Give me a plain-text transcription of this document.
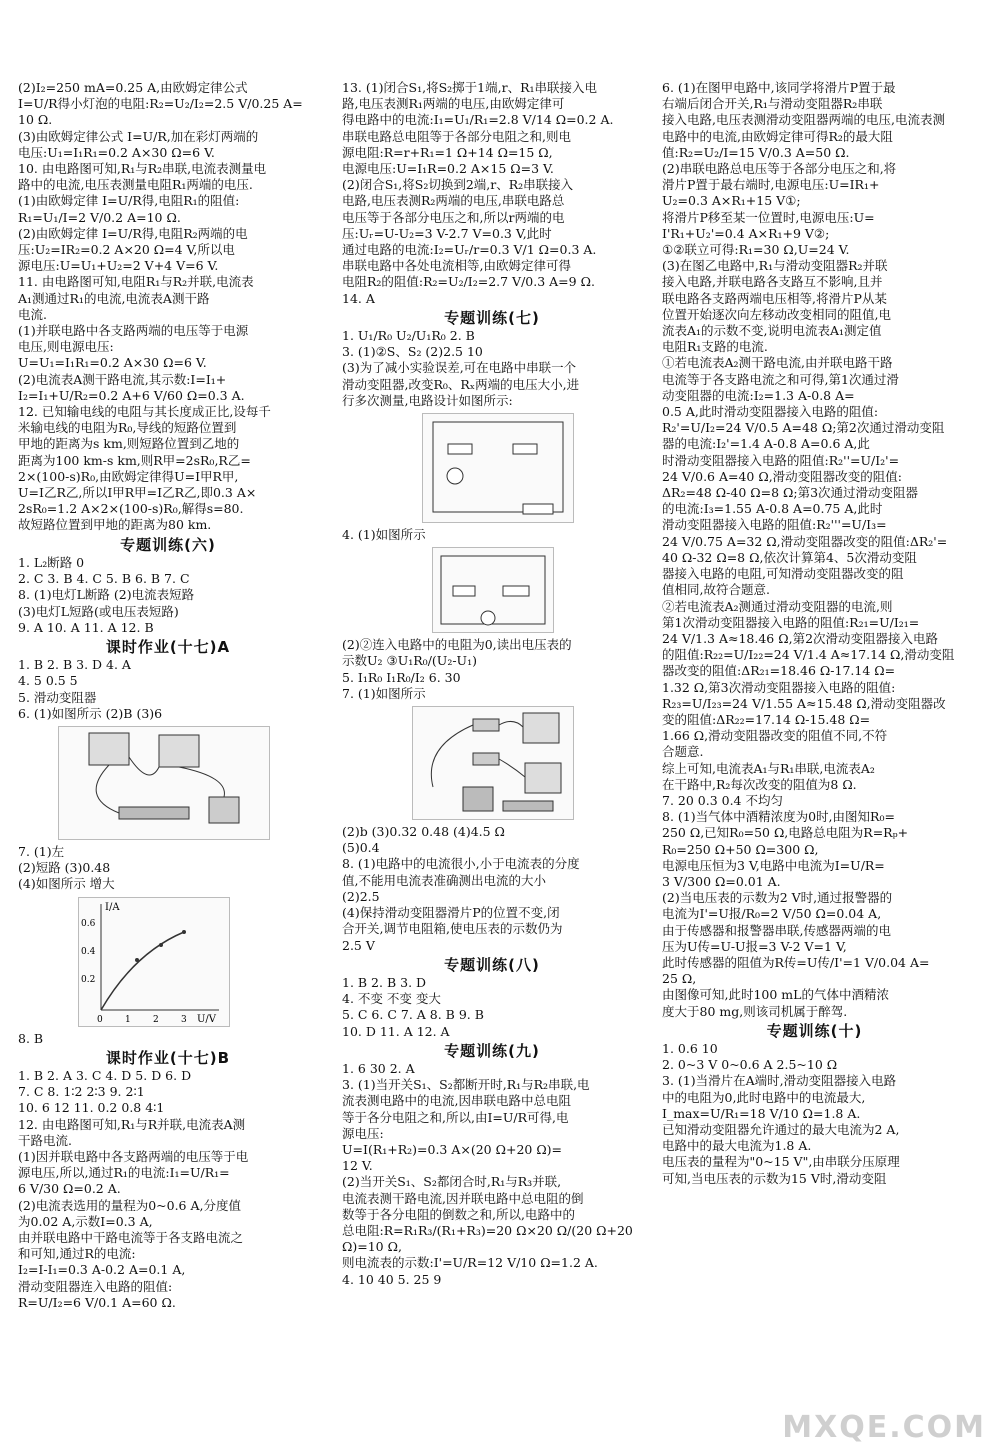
(2)I₂=250 mA=0.25 A,由欧姆定律公式
I=U/R得小灯泡的电阻:R₂=U₂/I₂=2.5 V/0.25 A=
10 Ω.

(3)由欧姆定律公式 I=U/R,加在彩灯两端的
电压:U₁=I₁R₁=0.2 A×30 Ω=6 V.

10. 由电路图可知,R₁与R₂串联,电流表测量电
路中的电流,电压表测量电阻R₁两端的电压.
(1)由欧姆定律 I=U/R得,电阻R₁的阻值:
R₁=U₁/I=2 V/0.2 A=10 Ω.
(2)由欧姆定律 I=U/R得,电阻R₂两端的电
压:U₂=IR₂=0.2 A×20 Ω=4 V,所以电
源电压:U=U₁+U₂=2 V+4 V=6 V.

11. 由电路图可知,电阻R₁与R₂并联,电流表
A₁测通过R₁的电流,电流表A测干路
电流.
(1)并联电路中各支路两端的电压等于电源
电压,则电源电压:
U=U₁=I₁R₁=0.2 A×30 Ω=6 V.
(2)电流表A测干路电流,其示数:I=I₁+
I₂=I₁+U/R₂=0.2 A+6 V/60 Ω=0.3 A.

12. 已知输电线的电阻与其长度成正比,设每千
米输电线的电阻为R₀,导线的短路位置到
甲地的距离为s km,则短路位置到乙地的
距离为100 km-s km,则R甲=2sR₀,R乙=
2×(100-s)R₀,由欧姆定律得U=I甲R甲,
U=I乙R乙,所以I甲R甲=I乙R乙,即0.3 A×
2sR₀=1.2 A×2×(100-s)R₀,解得s=80.
故短路位置到甲地的距离为80 km.

专题训练(六)

1. L₂断路 0
2. C 3. B 4. C 5. B 6. B 7. C
8. (1)电灯L断路 (2)电流表短路
(3)电灯L短路(或电压表短路)
9. A 10. A 11. A 12. B

课时作业(十七)A

1. B 2. B 3. D 4. A
4. 5 0.5 5
5. 滑动变阻器
6. (1)如图所示 (2)B (3)6

7. (1)左
(2)短路 (3)0.48
(4)如图所示 增大

I/A
U/V
0.2
0.4
0.6
0 1 2 3

8. B

课时作业(十七)B

1. B 2. A 3. C 4. D 5. D 6. D
7. C 8. 1∶2 2∶3 9. 2∶1
10. 6 12 11. 0.2 0.8 4∶1
12. 由电路图可知,R₁与R并联,电流表A测
干路电流.
(1)因并联电路中各支路两端的电压等于电
源电压,所以,通过R₁的电流:I₁=U/R₁=
6 V/30 Ω=0.2 A.
(2)电流表选用的量程为0~0.6 A,分度值
为0.02 A,示数I=0.3 A,
由并联电路中干路电流等于各支路电流之
和可知,通过R的电流:
I₂=I-I₁=0.3 A-0.2 A=0.1 A,
滑动变阻器连入电路的阻值:
R=U/I₂=6 V/0.1 A=60 Ω.

13. (1)闭合S₁,将S₂掷于1端,r、R₁串联接入电
路,电压表测R₁两端的电压,由欧姆定律可
得电路中的电流:I₁=U₁/R₁=2.8 V/14 Ω=0.2 A.
串联电路总电阻等于各部分电阻之和,则电
源电阻:R=r+R₁=1 Ω+14 Ω=15 Ω,
电源电压:U=I₁R=0.2 A×15 Ω=3 V.
(2)闭合S₁,将S₂切换到2端,r、R₂串联接入
电路,电压表测R₂两端的电压,串联电路总
电压等于各部分电压之和,所以r两端的电
压:Uᵣ=U-U₂=3 V-2.7 V=0.3 V,此时
通过电路的电流:I₂=Uᵣ/r=0.3 V/1 Ω=0.3 A.
串联电路中各处电流相等,由欧姆定律可得
电阻R₂的阻值:R₂=U₂/I₂=2.7 V/0.3 A=9 Ω.

14. A

专题训练(七)

1. U₁/R₀ U₂/U₁R₀ 2. B
3. (1)②S、S₂ (2)2.5 10
(3)为了减小实验误差,可在电路中串联一个
滑动变阻器,改变R₀、Rₓ两端的电压大小,进
行多次测量,电路设计如图所示:

4. (1)如图所示

(2)②连入电路中的电阻为0,读出电压表的
示数U₂ ③U₁R₀/(U₂-U₁)
5. I₁R₀ I₁R₀/I₂ 6. 30
7. (1)如图所示

(2)b (3)0.32 0.48 (4)4.5 Ω
(5)0.4
8. (1)电路中的电流很小,小于电流表的分度
值,不能用电流表准确测出电流的大小
(2)2.5
(4)保持滑动变阻器滑片P的位置不变,闭
合开关,调节电阻箱,使电压表的示数仍为
2.5 V

专题训练(八)

1. B 2. B 3. D
4. 不变 不变 变大
5. C 6. C 7. A 8. B 9. B
10. D 11. A 12. A

专题训练(九)

1. 6 30 2. A
3. (1)当开关S₁、S₂都断开时,R₁与R₂串联,电
流表测电路中的电流,因串联电路中总电阻
等于各分电阻之和,所以,由I=U/R可得,电
源电压:
U=I(R₁+R₂)=0.3 A×(20 Ω+20 Ω)=
12 V.
(2)当开关S₁、S₂都闭合时,R₁与R₃并联,
电流表测干路电流,因并联电路中总电阻的倒
数等于各分电阻的倒数之和,所以,电路中的
总电阻:R=R₁R₃/(R₁+R₃)=20 Ω×20 Ω/(20 Ω+20 Ω)=10 Ω,
则电流表的示数:I'=U/R=12 V/10 Ω=1.2 A.
4. 10 40 5. 25 9

6. (1)在图甲电路中,该同学将滑片P置于最
右端后闭合开关,R₁与滑动变阻器R₂串联
接入电路,电压表测滑动变阻器两端的电压,电流表测
电路中的电流,由欧姆定律可得R₂的最大阻
值:R₂=U₂/I=15 V/0.3 A=50 Ω.
(2)串联电路总电压等于各部分电压之和,将
滑片P置于最右端时,电源电压:U=IR₁+
U₂=0.3 A×R₁+15 V①;
将滑片P移至某一位置时,电源电压:U=
I'R₁+U₂'=0.4 A×R₁+9 V②;
①②联立可得:R₁=30 Ω,U=24 V.
(3)在图乙电路中,R₁与滑动变阻器R₂并联
接入电路,并联电路各支路互不影响,且并
联电路各支路两端电压相等,将滑片P从某
位置开始逐次向左移动改变相同的阻值,电
流表A₁的示数不变,说明电流表A₁测定值
电阻R₁支路的电流.
①若电流表A₂测干路电流,由并联电路干路
电流等于各支路电流之和可得,第1次通过滑
动变阻器的电流:I₂=1.3 A-0.8 A=
0.5 A,此时滑动变阻器接入电路的阻值:
R₂'=U/I₂=24 V/0.5 A=48 Ω;第2次通过滑动变阻
器的电流:I₂'=1.4 A-0.8 A=0.6 A,此
时滑动变阻器接入电路的阻值:R₂''=U/I₂'=
24 V/0.6 A=40 Ω,滑动变阻器改变的阻值:
ΔR₂=48 Ω-40 Ω=8 Ω;第3次通过滑动变阻器
的电流:I₃=1.55 A-0.8 A=0.75 A,此时
滑动变阻器接入电路的阻值:R₂'''=U/I₃=
24 V/0.75 A=32 Ω,滑动变阻器改变的阻值:ΔR₂'=
40 Ω-32 Ω=8 Ω,依次计算第4、5次滑动变阻
器接入电路的电阻,可知滑动变阻器改变的阻
值相同,故符合题意.
②若电流表A₂测通过滑动变阻器的电流,则
第1次滑动变阻器接入电路的阻值:R₂₁=U/I₂₁=
24 V/1.3 A≈18.46 Ω,第2次滑动变阻器接入电路
的阻值:R₂₂=U/I₂₂=24 V/1.4 A≈17.14 Ω,滑动变阻
器改变的阻值:ΔR₂₁=18.46 Ω-17.14 Ω=
1.32 Ω,第3次滑动变阻器接入电路的阻值:
R₂₃=U/I₂₃=24 V/1.55 A≈15.48 Ω,滑动变阻器改
变的阻值:ΔR₂₂=17.14 Ω-15.48 Ω=
1.66 Ω,滑动变阻器改变的阻值不同,不符
合题意.
综上可知,电流表A₁与R₁串联,电流表A₂
在干路中,R₂每次改变的阻值为8 Ω.
7. 20 0.3 0.4 不均匀
8. (1)当气体中酒精浓度为0时,由图知R₀=
250 Ω,已知R₀=50 Ω,电路总电阻为R=Rₚ+
R₀=250 Ω+50 Ω=300 Ω,
电源电压恒为3 V,电路中电流为I=U/R=
3 V/300 Ω=0.01 A.
(2)当电压表的示数为2 V时,通过报警器的
电流为I'=U报/R₀=2 V/50 Ω=0.04 A,
由于传感器和报警器串联,传感器两端的电
压为U传=U-U报=3 V-2 V=1 V,
此时传感器的阻值为R传=U传/I'=1 V/0.04 A=
25 Ω,
由图像可知,此时100 mL的气体中酒精浓
度大于80 mg,则该司机属于醉驾.

专题训练(十)

1. 0.6 10
2. 0~3 V 0~0.6 A 2.5~10 Ω
3. (1)当滑片在A端时,滑动变阻器接入电路
中的电阻为0,此时电路中的电流最大,
I_max=U/R₁=18 V/10 Ω=1.8 A.
已知滑动变阻器允许通过的最大电流为2 A,
电路中的最大电流为1.8 A.
电压表的量程为"0~15 V",由串联分压原理
可知,当电压表的示数为15 V时,滑动变阻

MXQE.COM
